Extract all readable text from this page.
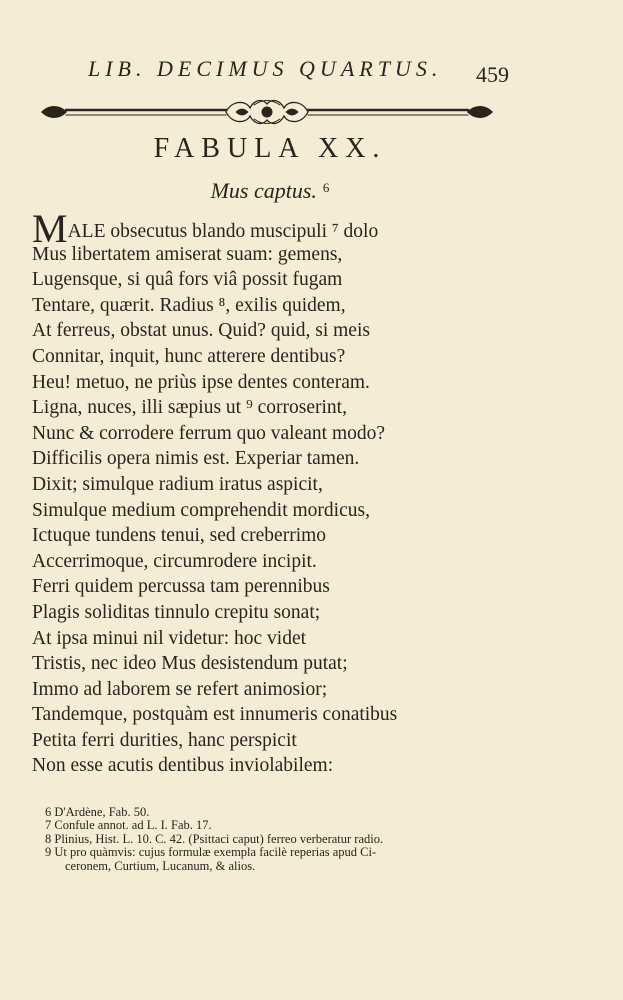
LIB. DECIMUS QUARTUS. 459
FABULA XX.
Mus captus. $^6$
MALE obsecutus blando muscipuli ⁷ dolo
Mus libertatem amiserat suam: gemens,
Lugensque, si quâ fors viâ possit fugam
Tentare, quærit. Radius ⁸, exilis quidem,
At ferreus, obstat unus. Quid? quid, si meis
Connitar, inquit, hunc atterere dentibus?
Heu! metuo, ne priùs ipse dentes conteram.
Ligna, nuces, illi sæpius ut ⁹ corroserint,
Nunc & corrodere ferrum quo valeant modo?
Difficilis opera nimis est. Experiar tamen.
Dixit; simulque radium iratus aspicit,
Simulque medium comprehendit mordicus,
Ictuque tundens tenui, sed creberrimo
Accerrimoque, circumrodere incipit.
Ferri quidem percussa tam perennibus
Plagis soliditas tinnulo crepitu sonat;
At ipsa minui nil videtur: hoc videt
Tristis, nec ideo Mus desistendum putat;
Immo ad laborem se refert animosior;
Tandemque, postquàm est innumeris conatibus
Petita ferri durities, hanc perspicit
Non esse acutis dentibus inviolabilem:
6 D'Ardène, Fab. 50.
7 Confule annot. ad L. I. Fab. 17.
8 Plinius, Hist. L. 10. C. 42. (Psittaci caput) ferreo verberatur radio.
9 Ut pro quàmvis: cujus formulæ exempla facilè reperias apud Ci-
ceronem, Curtium, Lucanum, & alios.
